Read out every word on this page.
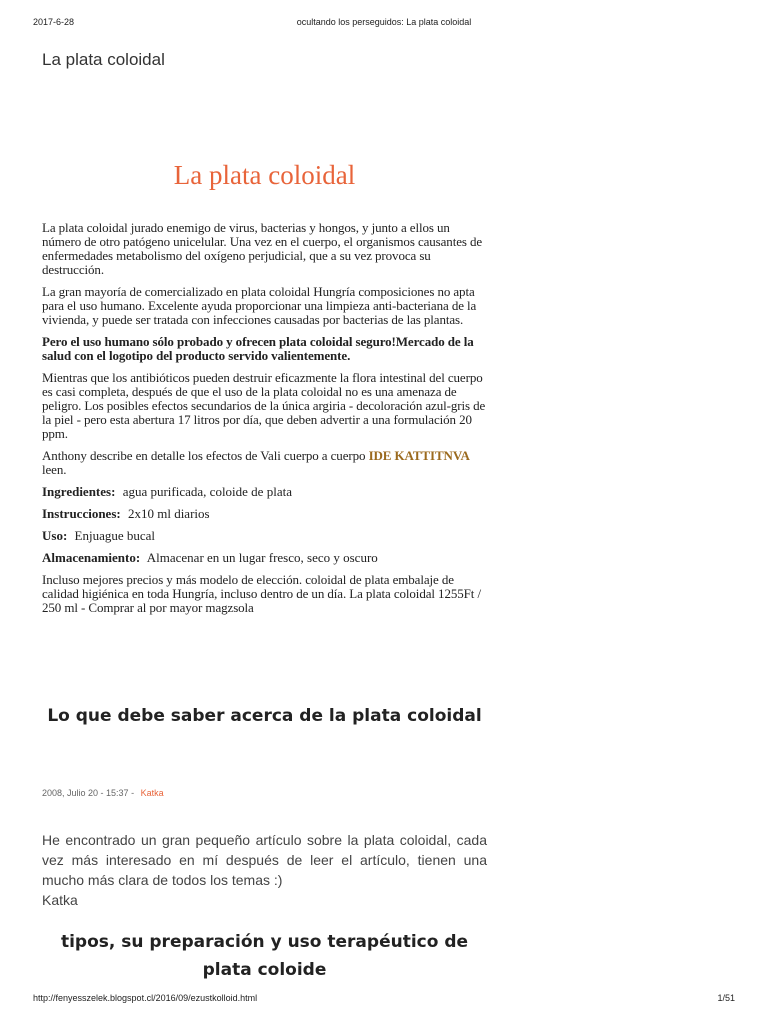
2017-6-28	ocultando los perseguidos: La plata coloidal
La plata coloidal
La plata coloidal

La plata coloidal jurado enemigo de virus, bacterias y hongos, y junto a ellos un número de otro patógeno unicelular. Una vez en el cuerpo, el organismos causantes de enfermedades metabolismo del oxígeno perjudicial, que a su vez provoca su destrucción.

La gran mayoría de comercializado en plata coloidal Hungría composiciones no apta para el uso humano. Excelente ayuda proporcionar una limpieza anti-bacteriana de la vivienda, y puede ser tratada con infecciones causadas por bacterias de las plantas.

Pero el uso humano sólo probado y ofrecen plata coloidal seguro!Mercado de la salud con el logotipo del producto servido valientemente.

Mientras que los antibióticos pueden destruir eficazmente la flora intestinal del cuerpo es casi completa, después de que el uso de la plata coloidal no es una amenaza de peligro. Los posibles efectos secundarios de la única argiria - decoloración azul-gris de la piel - pero esta abertura 17 litros por día, que deben advertir a una formulación 20 ppm.

Anthony describe en detalle los efectos de Vali cuerpo a cuerpo IDE KATTITNVA leen.

Ingredientes: agua purificada, coloide de plata
Instrucciones: 2x10 ml diarios
Uso: Enjuague bucal
Almacenamiento: Almacenar en un lugar fresco, seco y oscuro

Incluso mejores precios y más modelo de elección. coloidal de plata embalaje de calidad higiénica en toda Hungría, incluso dentro de un día. La plata coloidal 1255Ft / 250 ml - Comprar al por mayor magzsola

Lo que debe saber acerca de la plata coloidal
2008, Julio 20 - 15:37 - Katka
He encontrado un gran pequeño artículo sobre la plata coloidal, cada vez más interesado en mí después de leer el artículo, tienen una mucho más clara de todos los temas :)
Katka
tipos, su preparación y uso terapéutico de plata coloide
http://fenyesszelek.blogspot.cl/2016/09/ezustkolloid.html	1/51
